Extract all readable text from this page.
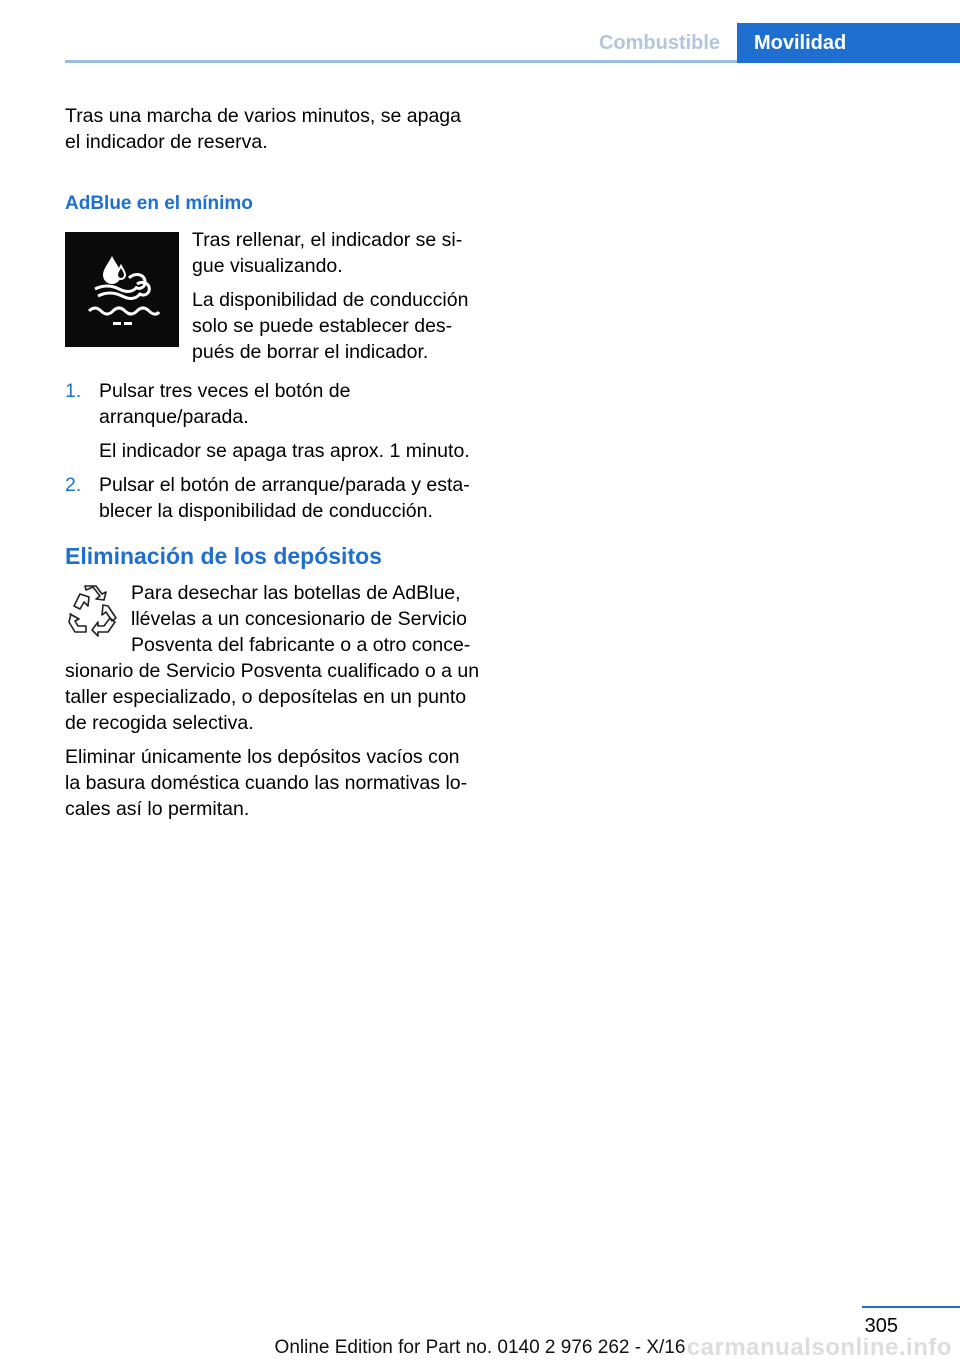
Combustible	Movilidad

Tras una marcha de varios minutos, se apaga el indicador de reserva.

AdBlue en el mínimo

Tras rellenar, el indicador se si‐gue visualizando.

La disponibilidad de conducción solo se puede establecer des‐pués de borrar el indicador.

1. Pulsar tres veces el botón de arranque/parada.

El indicador se apaga tras aprox. 1 minuto.

2. Pulsar el botón de arranque/parada y esta‐blecer la disponibilidad de conducción.

Eliminación de los depósitos

Para desechar las botellas de AdBlue, llévelas a un concesionario de Servicio Posventa del fabricante o a otro conce‐

sionario de Servicio Posventa cualificado o a un taller especializado, o deposítelas en un punto de recogida selectiva.

Eliminar únicamente los depósitos vacíos con la basura doméstica cuando las normativas lo‐cales así lo permitan.

305
Online Edition for Part no. 0140 2 976 262 - X/16 carmanualsonline.info
